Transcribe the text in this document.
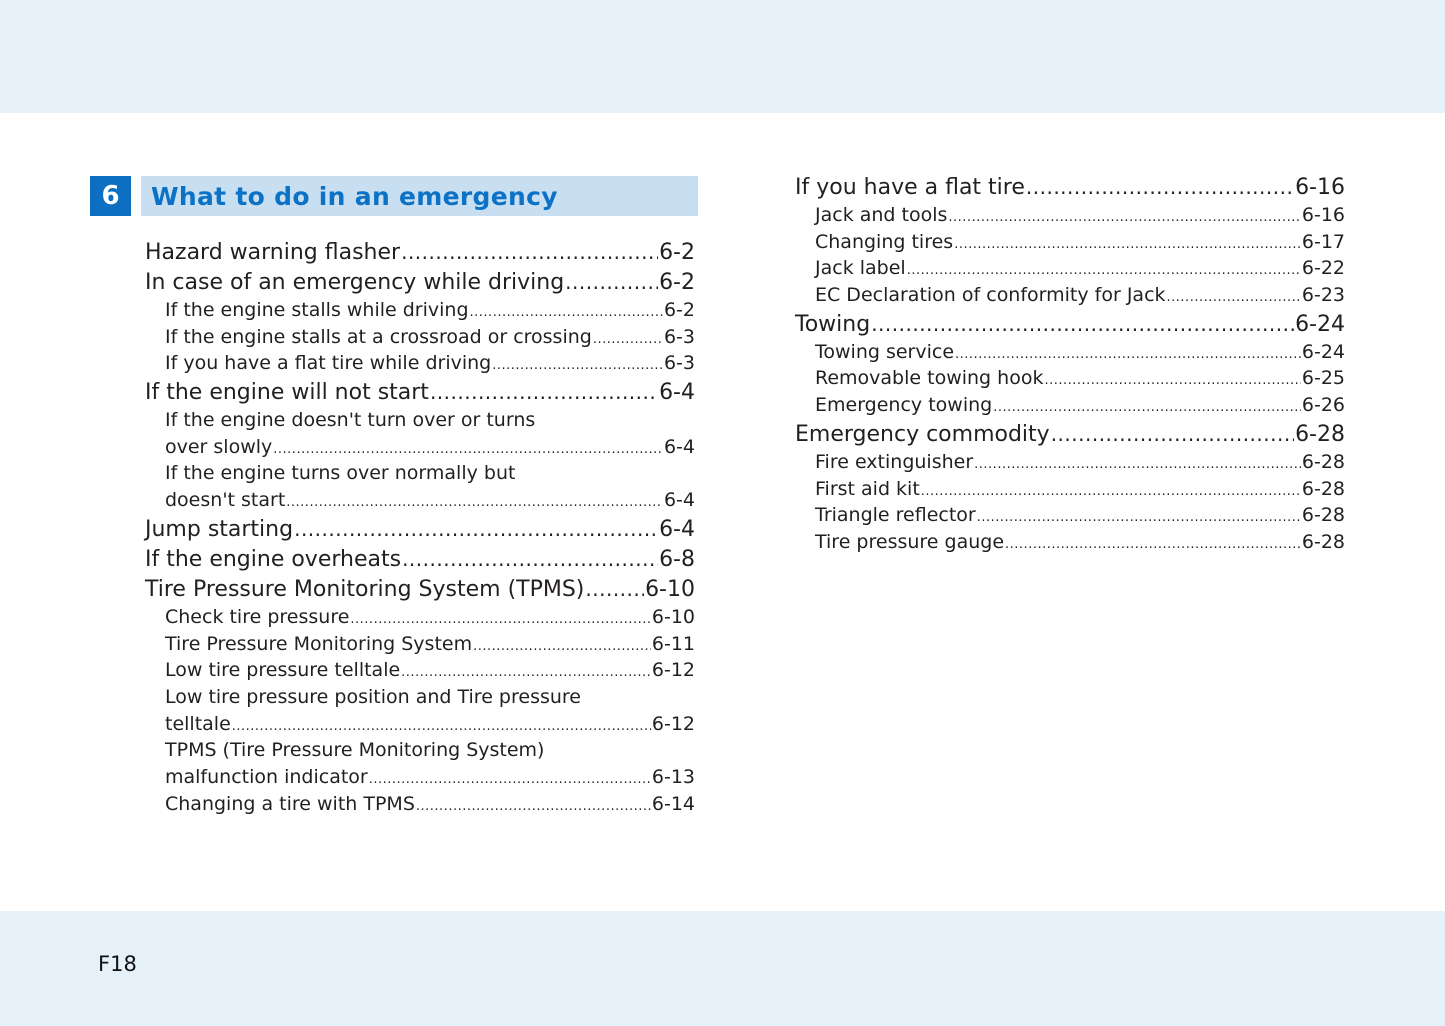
6	What to do in an emergency
Hazard warning flasher .....	6-2
In case of an emergency while driving .....	6-2
If the engine stalls while driving .....	6-2
If the engine stalls at a crossroad or crossing .....	6-3
If you have a flat tire while driving .....	6-3
If the engine will not start .....	6-4
If the engine doesn't turn over or turns
over slowly .....	6-4
If the engine turns over normally but
doesn't start .....	6-4
Jump starting .....	6-4
If the engine overheats .....	6-8
Tire Pressure Monitoring System (TPMS) .....	6-10
Check tire pressure .....	6-10
Tire Pressure Monitoring System .....	6-11
Low tire pressure telltale .....	6-12
Low tire pressure position and Tire pressure
telltale .....	6-12
TPMS (Tire Pressure Monitoring System)
malfunction indicator .....	6-13
Changing a tire with TPMS .....	6-14
If you have a flat tire .....	6-16
Jack and tools .....	6-16
Changing tires .....	6-17
Jack label .....	6-22
EC Declaration of conformity for Jack .....	6-23
Towing .....	6-24
Towing service .....	6-24
Removable towing hook .....	6-25
Emergency towing .....	6-26
Emergency commodity .....	6-28
Fire extinguisher .....	6-28
First aid kit .....	6-28
Triangle reflector .....	6-28
Tire pressure gauge .....	6-28
F18
